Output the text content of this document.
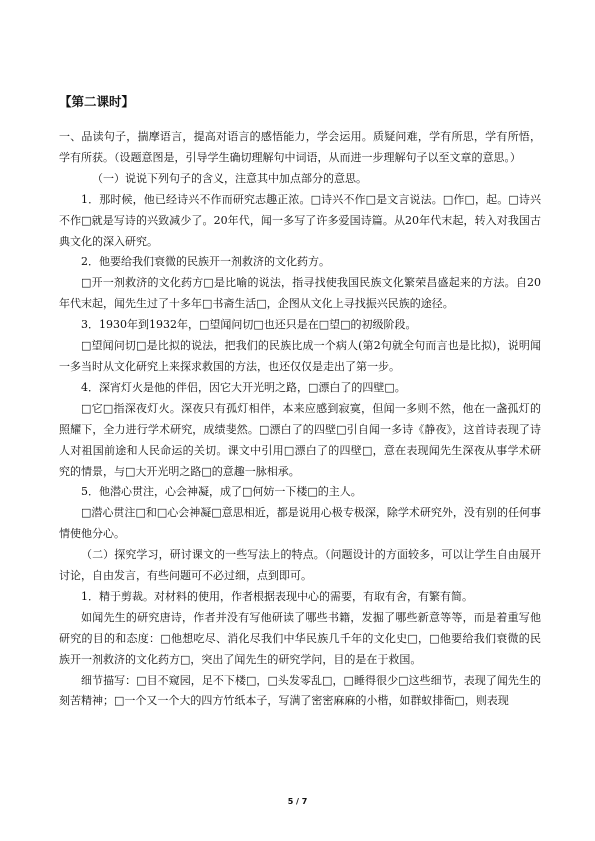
【第二课时】

一、品读句子，揣摩语言，提高对语言的感悟能力，学会运用。质疑问难，学有所思，学有所悟，学有所获。（设题意图是，引导学生确切理解句中词语，从而进一步理解句子以至文章的意思。）

（一）说说下列句子的含义，注意其中加点部分的意思。

1．那时候，他已经诗兴不作而研究志趣正浓。□诗兴不作□是文言说法。□作□，起。□诗兴不作□就是写诗的兴致减少了。20年代，闻一多写了许多爱国诗篇。从20年代末起，转入对我国古典文化的深入研究。

2．他要给我们衰微的民族开一剂救济的文化药方。

□开一剂救济的文化药方□是比喻的说法，指寻找使我国民族文化繁荣昌盛起来的方法。自20年代末起，闻先生过了十多年□书斋生活□，企图从文化上寻找振兴民族的途径。

3．1930年到1932年，□望闻问切□也还只是在□望□的初级阶段。

□望闻问切□是比拟的说法，把我们的民族比成一个病人(第2句就全句而言也是比拟)，说明闻一多当时从文化研究上来探求救国的方法，也还仅仅是走出了第一步。

4．深宵灯火是他的伴侣，因它大开光明之路，□漂白了的四壁□。

□它□指深夜灯火。深夜只有孤灯相伴，本来应感到寂寞，但闻一多则不然，他在一盏孤灯的照耀下，全力进行学术研究，成绩斐然。□漂白了的四壁□引自闻一多诗《静夜》，这首诗表现了诗人对祖国前途和人民命运的关切。课文中引用□漂白了的四壁□，意在表现闻先生深夜从事学术研究的情景，与□大开光明之路□的意趣一脉相承。

5．他潜心贯注，心会神凝，成了□何妨一下楼□的主人。

□潜心贯注□和□心会神凝□意思相近，都是说用心极专极深，除学术研究外，没有别的任何事情使他分心。

（二）探究学习，研讨课文的一些写法上的特点。（问题设计的方面较多，可以让学生自由展开讨论，自由发言，有些问题可不必过细，点到即可。

1．精于剪裁。对材料的使用，作者根据表现中心的需要，有取有舍，有繁有简。

如闻先生的研究唐诗，作者并没有写他研读了哪些书籍，发掘了哪些新意等等，而是着重写他研究的目的和态度：□他想吃尽、消化尽我们中华民族几千年的文化史□，□他要给我们衰微的民族开一剂救济的文化药方□，突出了闻先生的研究学问，目的是在于救国。

细节描写：□目不窥园，足不下楼□，□头发零乱□，□睡得很少□这些细节，表现了闻先生的刻苦精神；□一个又一个大的四方竹纸本子，写满了密密麻麻的小楷，如群蚁排衙□，则表现

5 / 7
